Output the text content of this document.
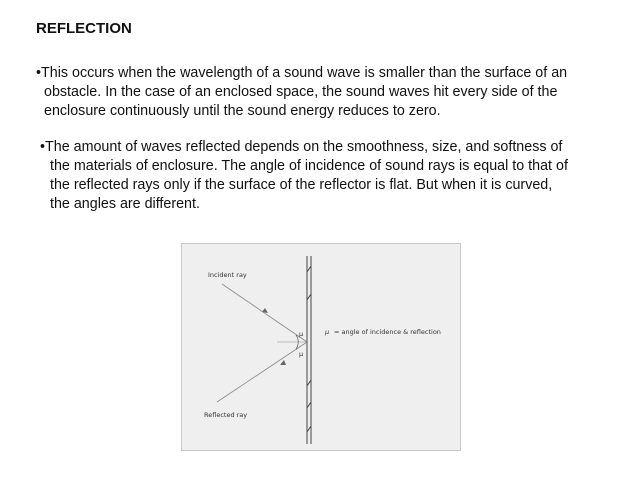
REFLECTION

•This occurs when the wavelength of a sound wave is smaller than the surface of an
obstacle. In the case of an enclosed space, the sound waves hit every side of the
enclosure continuously until the sound energy reduces to zero.

•The amount of waves reflected depends on the smoothness, size, and softness of
the materials of enclosure. The angle of incidence of sound rays is equal to that of
the reflected rays only if the surface of the reflector is flat. But when it is curved,
the angles are different.

μ
μ
Incident ray
Reflected ray
μ = angle of incidence & reflection
